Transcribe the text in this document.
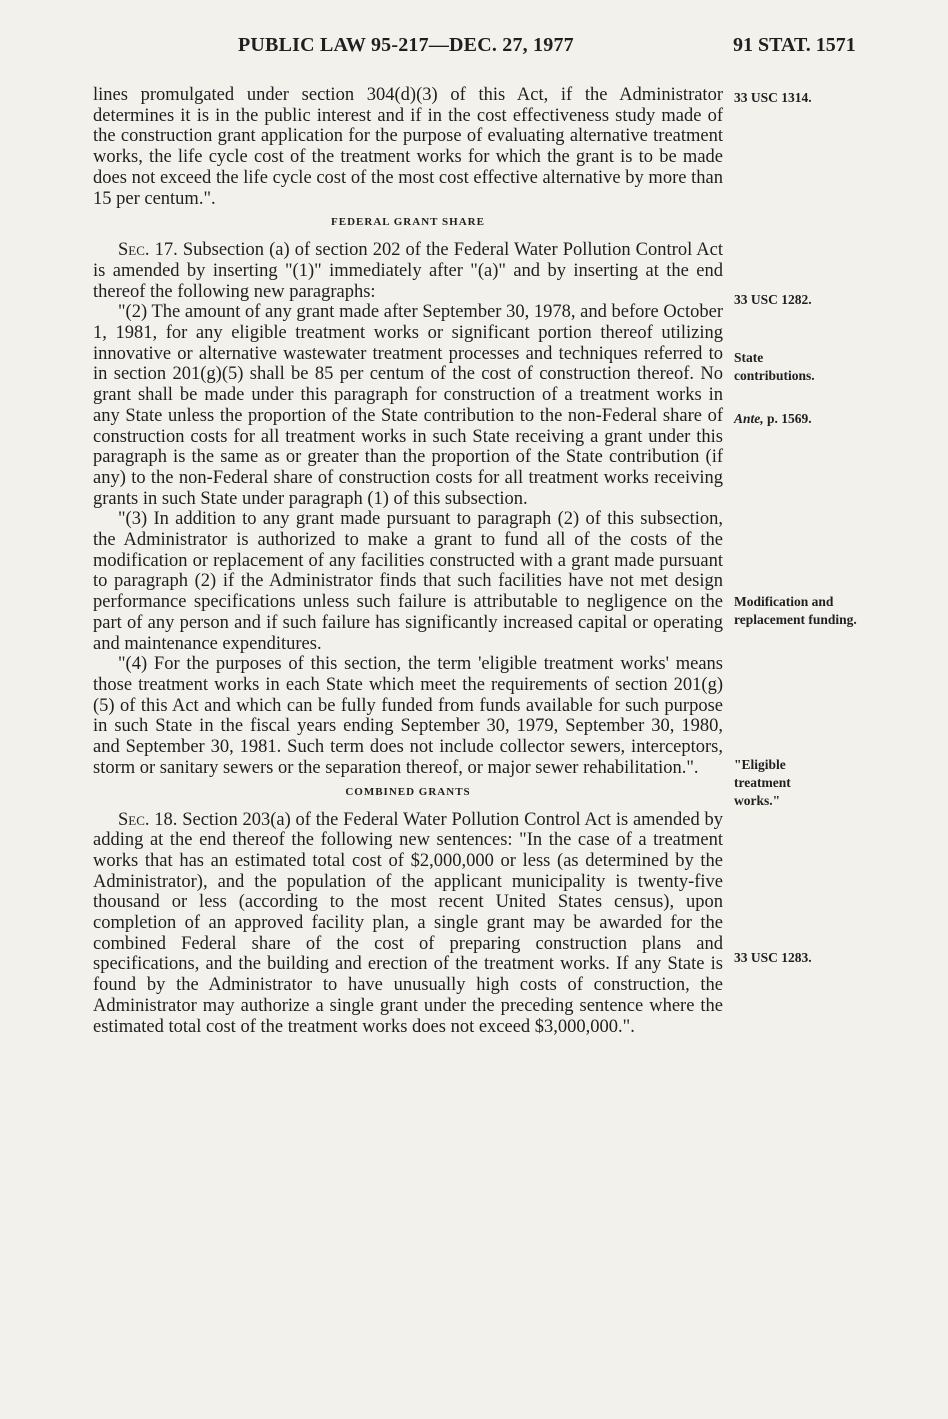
PUBLIC LAW 95-217—DEC. 27, 1977	91 STAT. 1571

lines promulgated under section 304(d)(3) of this Act, if the Administrator determines it is in the public interest and if in the cost effectiveness study made of the construction grant application for the purpose of evaluating alternative treatment works, the life cycle cost of the treatment works for which the grant is to be made does not exceed the life cycle cost of the most cost effective alternative by more than 15 per centum.".

FEDERAL GRANT SHARE

Sec. 17. Subsection (a) of section 202 of the Federal Water Pollution Control Act is amended by inserting "(1)" immediately after "(a)" and by inserting at the end thereof the following new paragraphs:

"(2) The amount of any grant made after September 30, 1978, and before October 1, 1981, for any eligible treatment works or significant portion thereof utilizing innovative or alternative wastewater treatment processes and techniques referred to in section 201(g)(5) shall be 85 per centum of the cost of construction thereof. No grant shall be made under this paragraph for construction of a treatment works in any State unless the proportion of the State contribution to the non-Federal share of construction costs for all treatment works in such State receiving a grant under this paragraph is the same as or greater than the proportion of the State contribution (if any) to the non-Federal share of construction costs for all treatment works receiving grants in such State under paragraph (1) of this subsection.

"(3) In addition to any grant made pursuant to paragraph (2) of this subsection, the Administrator is authorized to make a grant to fund all of the costs of the modification or replacement of any facilities constructed with a grant made pursuant to paragraph (2) if the Administrator finds that such facilities have not met design performance specifications unless such failure is attributable to negligence on the part of any person and if such failure has significantly increased capital or operating and maintenance expenditures.

"(4) For the purposes of this section, the term 'eligible treatment works' means those treatment works in each State which meet the requirements of section 201(g)(5) of this Act and which can be fully funded from funds available for such purpose in such State in the fiscal years ending September 30, 1979, September 30, 1980, and September 30, 1981. Such term does not include collector sewers, interceptors, storm or sanitary sewers or the separation thereof, or major sewer rehabilitation.".

COMBINED GRANTS

Sec. 18. Section 203(a) of the Federal Water Pollution Control Act is amended by adding at the end thereof the following new sentences: "In the case of a treatment works that has an estimated total cost of $2,000,000 or less (as determined by the Administrator), and the population of the applicant municipality is twenty-five thousand or less (according to the most recent United States census), upon completion of an approved facility plan, a single grant may be awarded for the combined Federal share of the cost of preparing construction plans and specifications, and the building and erection of the treatment works. If any State is found by the Administrator to have unusually high costs of construction, the Administrator may authorize a single grant under the preceding sentence where the estimated total cost of the treatment works does not exceed $3,000,000.".

33 USC 1314.
33 USC 1282.
State contributions.
Ante, p. 1569.
Modification and replacement funding.
"Eligible treatment works."
33 USC 1283.
